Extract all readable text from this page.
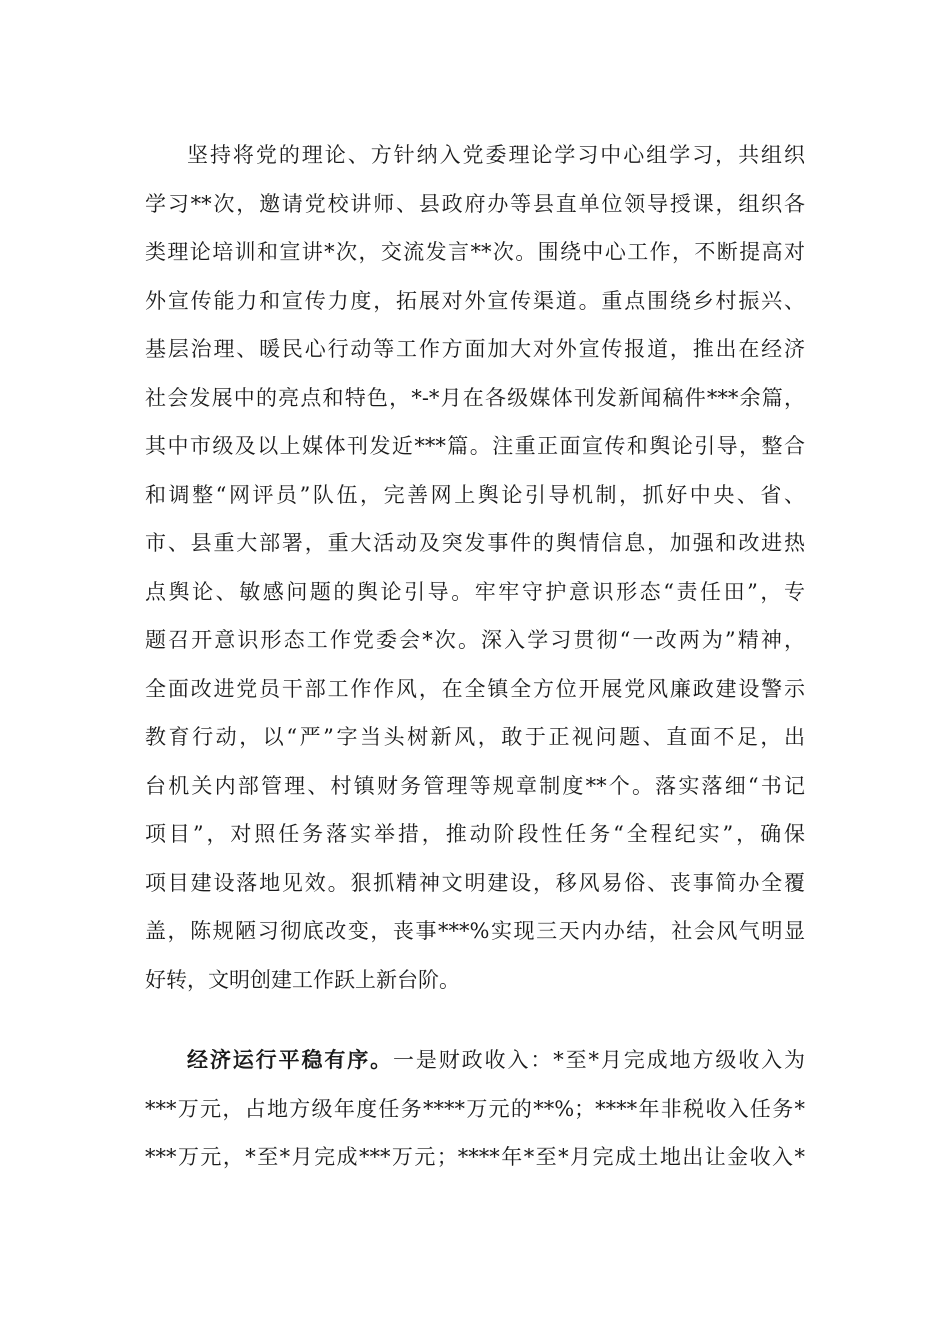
坚持将党的理论、方针纳入党委理论学习中心组学习，共组织
学习**次，邀请党校讲师、县政府办等县直单位领导授课，组织各
类理论培训和宣讲*次，交流发言**次。围绕中心工作，不断提高对
外宣传能力和宣传力度，拓展对外宣传渠道。重点围绕乡村振兴、
基层治理、暖民心行动等工作方面加大对外宣传报道，推出在经济
社会发展中的亮点和特色，*-*月在各级媒体刊发新闻稿件***余篇，
其中市级及以上媒体刊发近***篇。注重正面宣传和舆论引导，整合
和调整“网评员”队伍，完善网上舆论引导机制，抓好中央、省、
市、县重大部署，重大活动及突发事件的舆情信息，加强和改进热
点舆论、敏感问题的舆论引导。牢牢守护意识形态“责任田”，专
题召开意识形态工作党委会*次。深入学习贯彻“一改两为”精神，
全面改进党员干部工作作风，在全镇全方位开展党风廉政建设警示
教育行动，以“严”字当头树新风，敢于正视问题、直面不足，出
台机关内部管理、村镇财务管理等规章制度**个。落实落细“书记
项目”，对照任务落实举措，推动阶段性任务“全程纪实”，确保
项目建设落地见效。狠抓精神文明建设，移风易俗、丧事简办全覆
盖，陈规陋习彻底改变，丧事***%实现三天内办结，社会风气明显
好转，文明创建工作跃上新台阶。
经济运行平稳有序。一是财政收入：*至*月完成地方级收入为
***万元，占地方级年度任务****万元的**%；****年非税收入任务*
***万元，*至*月完成***万元；****年*至*月完成土地出让金收入*
